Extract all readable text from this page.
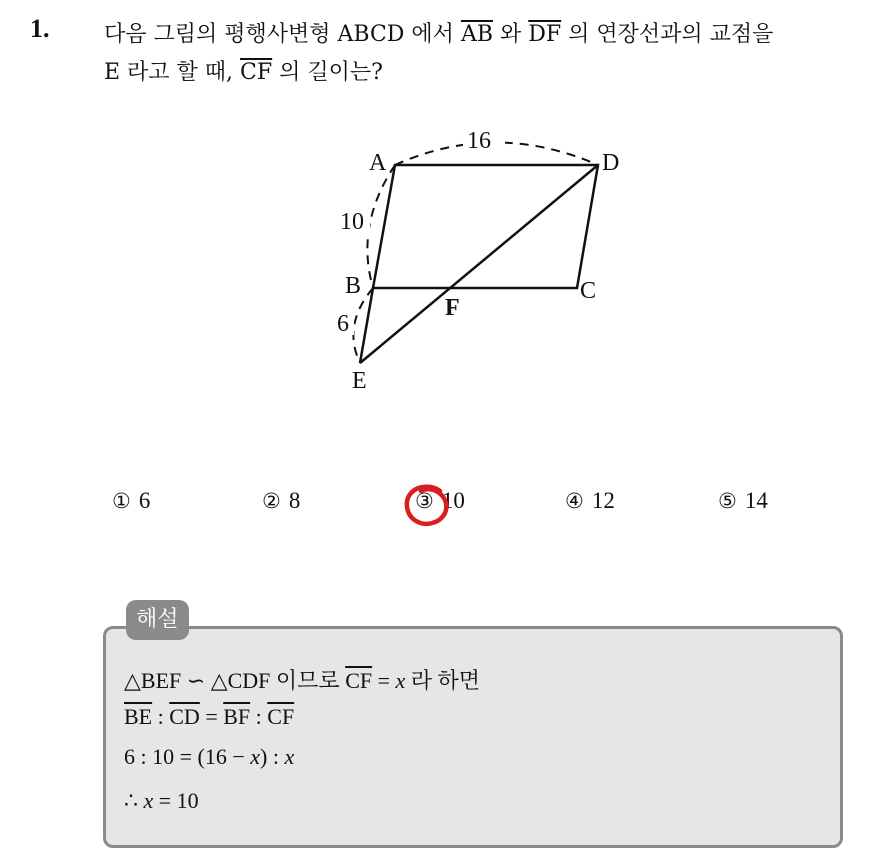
1. 다음 그림의 평행사변형 ABCD 에서 $\overline{AB}$ 와 $\overline{DF}$ 의 연장선과의 교점을
E 라고 할 때, $\overline{CF}$ 의 길이는?
A	D
B	C
F
E
16
10
6
① 6	② 8	③ 10	④ 12	⑤ 14
해설
△BEF ∽ △CDF 이므로 $\overline{CF} = x$ 라 하면
$\overline{BE}$ : $\overline{CD} = \overline{BF}$ : $\overline{CF}$
6 : 10 = (16 − x) : x
∴ x = 10
